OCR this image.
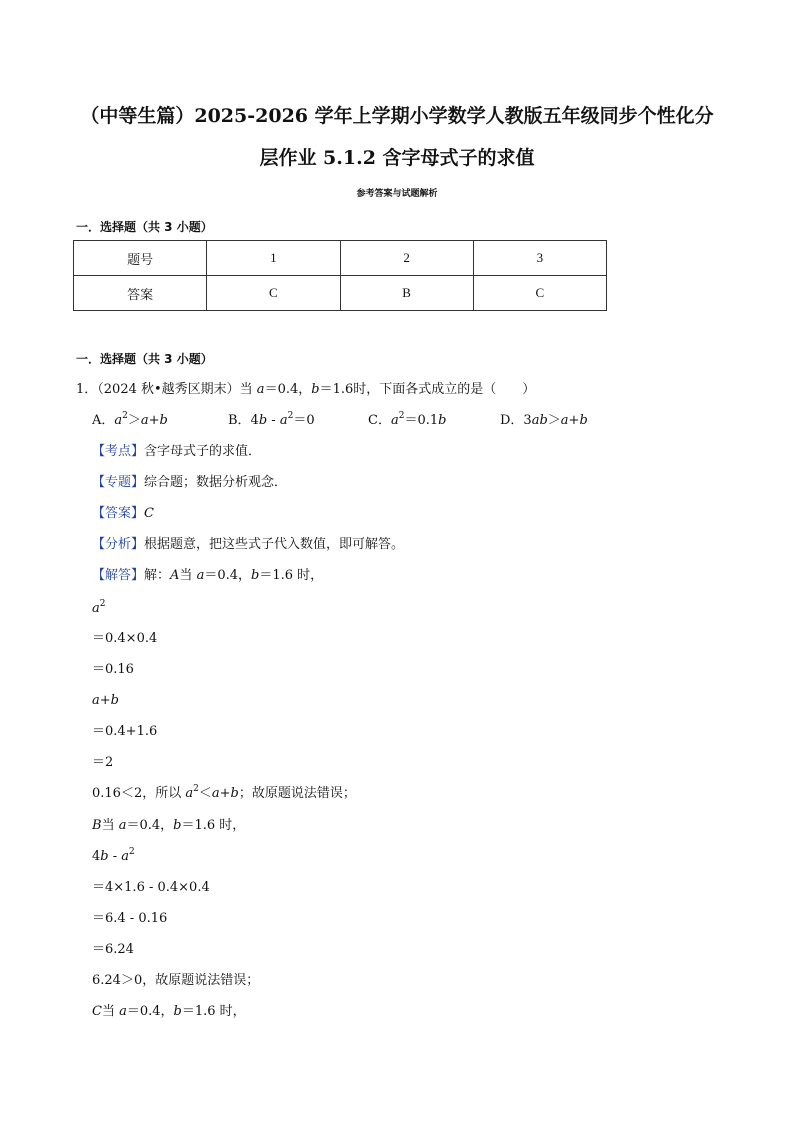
（中等生篇）2025-2026 学年上学期小学数学人教版五年级同步个性化分
层作业 5.1.2 含字母式子的求值
参考答案与试题解析
一．选择题（共 3 小题）
题号	1	2	3
答案	C	B	C
一．选择题（共 3 小题）
1．（2024 秋•越秀区期末）当 a＝0.4，b＝1.6时，下面各式成立的是（　　）
A．$a^2>a+b$	B．$4b - a^2=0$	C．$a^2=0.1b$	D．3ab＞a+b
【考点】含字母式子的求值．
【专题】综合题；数据分析观念．
【答案】C
【分析】根据题意，把这些式子代入数值，即可解答。
【解答】解：A当 a＝0.4，b＝1.6 时，
$a^2$
＝0.4×0.4
＝0.16
a+b
＝0.4+1.6
＝2
0.16＜2，所以 $a^2<a+b$；故原题说法错误；
B当 a＝0.4，b＝1.6 时，
$4b - a^2$
＝4×1.6 - 0.4×0.4
＝6.4 - 0.16
＝6.24
6.24＞0，故原题说法错误；
C当 a＝0.4，b＝1.6 时，
